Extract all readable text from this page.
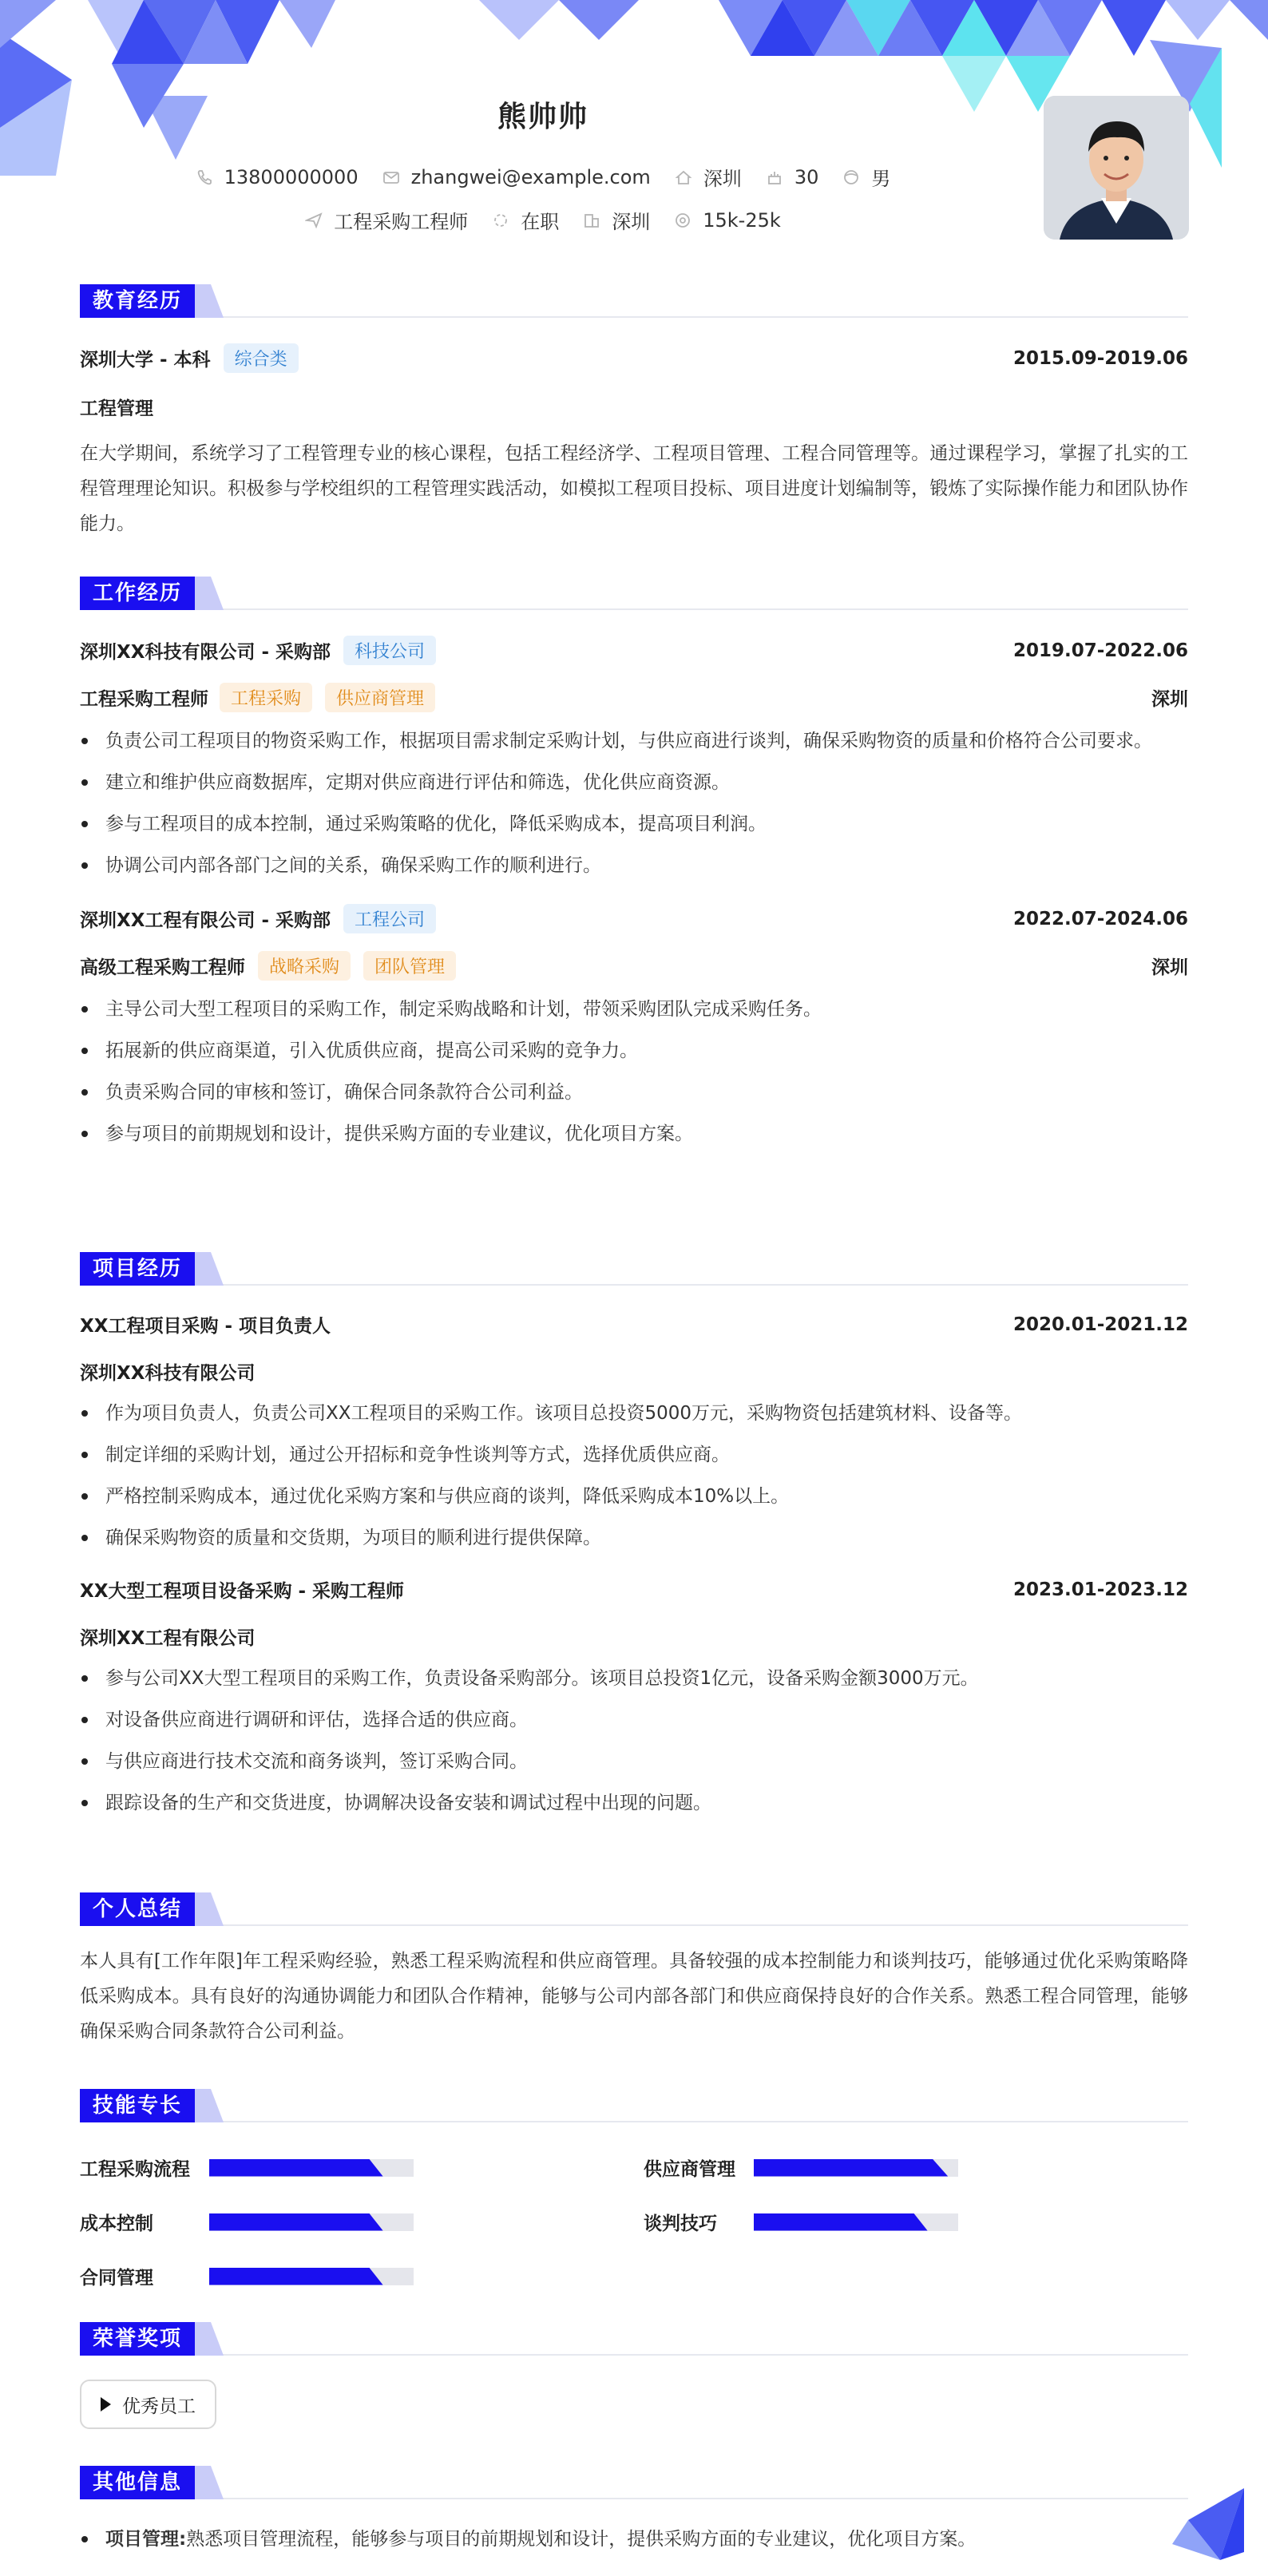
熊帅帅
13800000000	zhangwei@example.com	深圳	30	男
工程采购工程师	在职	深圳	15k-25k
教育经历
深圳大学 - 本科	综合类	2015.09-2019.06
工程管理
在大学期间，系统学习了工程管理专业的核心课程，包括工程经济学、工程项目管理、工程合同管理等。通过课程学习，掌握了扎实的工程管理理论知识。积极参与学校组织的工程管理实践活动，如模拟工程项目投标、项目进度计划编制等，锻炼了实际操作能力和团队协作能力。
工作经历
深圳XX科技有限公司 - 采购部	科技公司	2019.07-2022.06
工程采购工程师	工程采购	供应商管理	深圳
负责公司工程项目的物资采购工作，根据项目需求制定采购计划，与供应商进行谈判，确保采购物资的质量和价格符合公司要求。
建立和维护供应商数据库，定期对供应商进行评估和筛选，优化供应商资源。
参与工程项目的成本控制，通过采购策略的优化，降低采购成本，提高项目利润。
协调公司内部各部门之间的关系，确保采购工作的顺利进行。
深圳XX工程有限公司 - 采购部	工程公司	2022.07-2024.06
高级工程采购工程师	战略采购	团队管理	深圳
主导公司大型工程项目的采购工作，制定采购战略和计划，带领采购团队完成采购任务。
拓展新的供应商渠道，引入优质供应商，提高公司采购的竞争力。
负责采购合同的审核和签订，确保合同条款符合公司利益。
参与项目的前期规划和设计，提供采购方面的专业建议，优化项目方案。
项目经历
XX工程项目采购 - 项目负责人	2020.01-2021.12
深圳XX科技有限公司
作为项目负责人，负责公司XX工程项目的采购工作。该项目总投资5000万元，采购物资包括建筑材料、设备等。
制定详细的采购计划，通过公开招标和竞争性谈判等方式，选择优质供应商。
严格控制采购成本，通过优化采购方案和与供应商的谈判，降低采购成本10%以上。
确保采购物资的质量和交货期，为项目的顺利进行提供保障。
XX大型工程项目设备采购 - 采购工程师	2023.01-2023.12
深圳XX工程有限公司
参与公司XX大型工程项目的采购工作，负责设备采购部分。该项目总投资1亿元，设备采购金额3000万元。
对设备供应商进行调研和评估，选择合适的供应商。
与供应商进行技术交流和商务谈判，签订采购合同。
跟踪设备的生产和交货进度，协调解决设备安装和调试过程中出现的问题。
个人总结
本人具有[工作年限]年工程采购经验，熟悉工程采购流程和供应商管理。具备较强的成本控制能力和谈判技巧，能够通过优化采购策略降低采购成本。具有良好的沟通协调能力和团队合作精神，能够与公司内部各部门和供应商保持良好的合作关系。熟悉工程合同管理，能够确保采购合同条款符合公司利益。
技能专长
工程采购流程	供应商管理
成本控制	谈判技巧
合同管理
荣誉奖项
优秀员工
其他信息
项目管理:熟悉项目管理流程，能够参与项目的前期规划和设计，提供采购方面的专业建议，优化项目方案。
